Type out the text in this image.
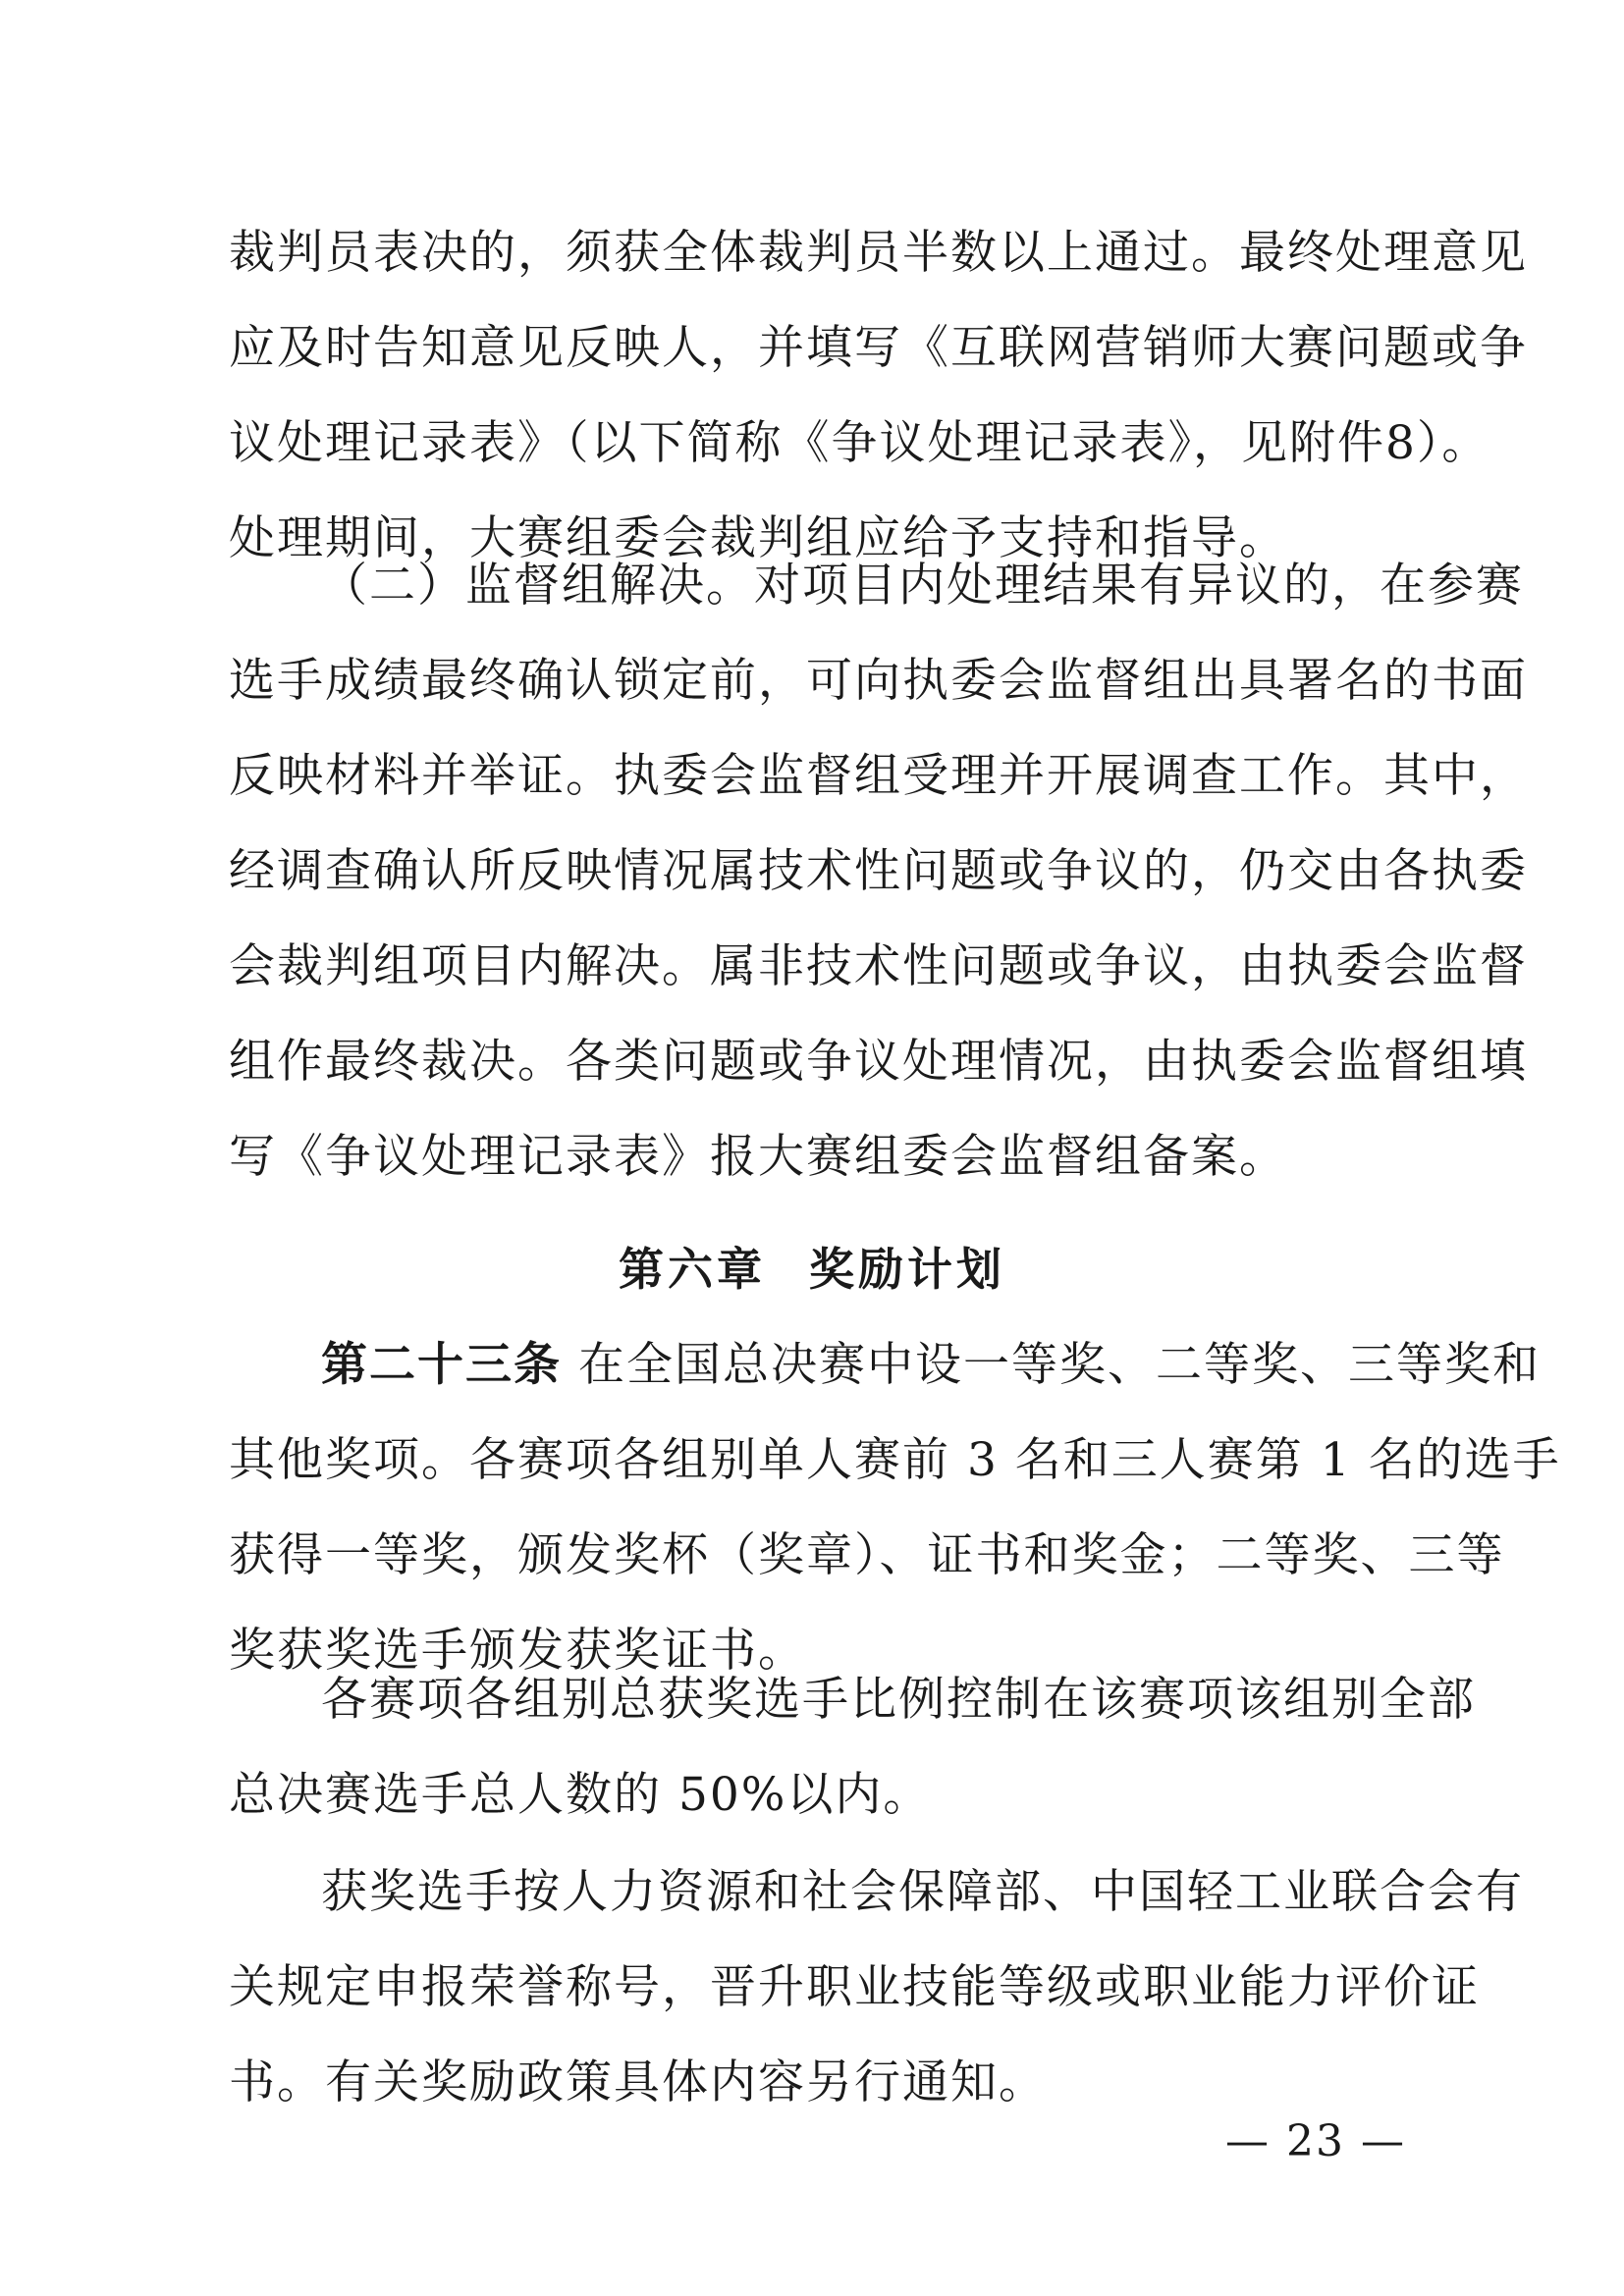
裁判员表决的，须获全体裁判员半数以上通过。最终处理意见
应及时告知意见反映人，并填写《互联网营销师大赛问题或争
议处理记录表》（以下简称《争议处理记录表》，见附件8）。
处理期间，大赛组委会裁判组应给予支持和指导。

（二）监督组解决。对项目内处理结果有异议的，在参赛
选手成绩最终确认锁定前，可向执委会监督组出具署名的书面
反映材料并举证。执委会监督组受理并开展调查工作。其中，
经调查确认所反映情况属技术性问题或争议的，仍交由各执委
会裁判组项目内解决。属非技术性问题或争议，由执委会监督
组作最终裁决。各类问题或争议处理情况，由执委会监督组填
写《争议处理记录表》报大赛组委会监督组备案。

第六章 奖励计划

第二十三条 在全国总决赛中设一等奖、二等奖、三等奖和
其他奖项。各赛项各组别单人赛前 3 名和三人赛第 1 名的选手
获得一等奖，颁发奖杯（奖章）、证书和奖金；二等奖、三等
奖获奖选手颁发获奖证书。

各赛项各组别总获奖选手比例控制在该赛项该组别全部
总决赛选手总人数的 50%以内。

获奖选手按人力资源和社会保障部、中国轻工业联合会有
关规定申报荣誉称号，晋升职业技能等级或职业能力评价证
书。有关奖励政策具体内容另行通知。

— 23 —
